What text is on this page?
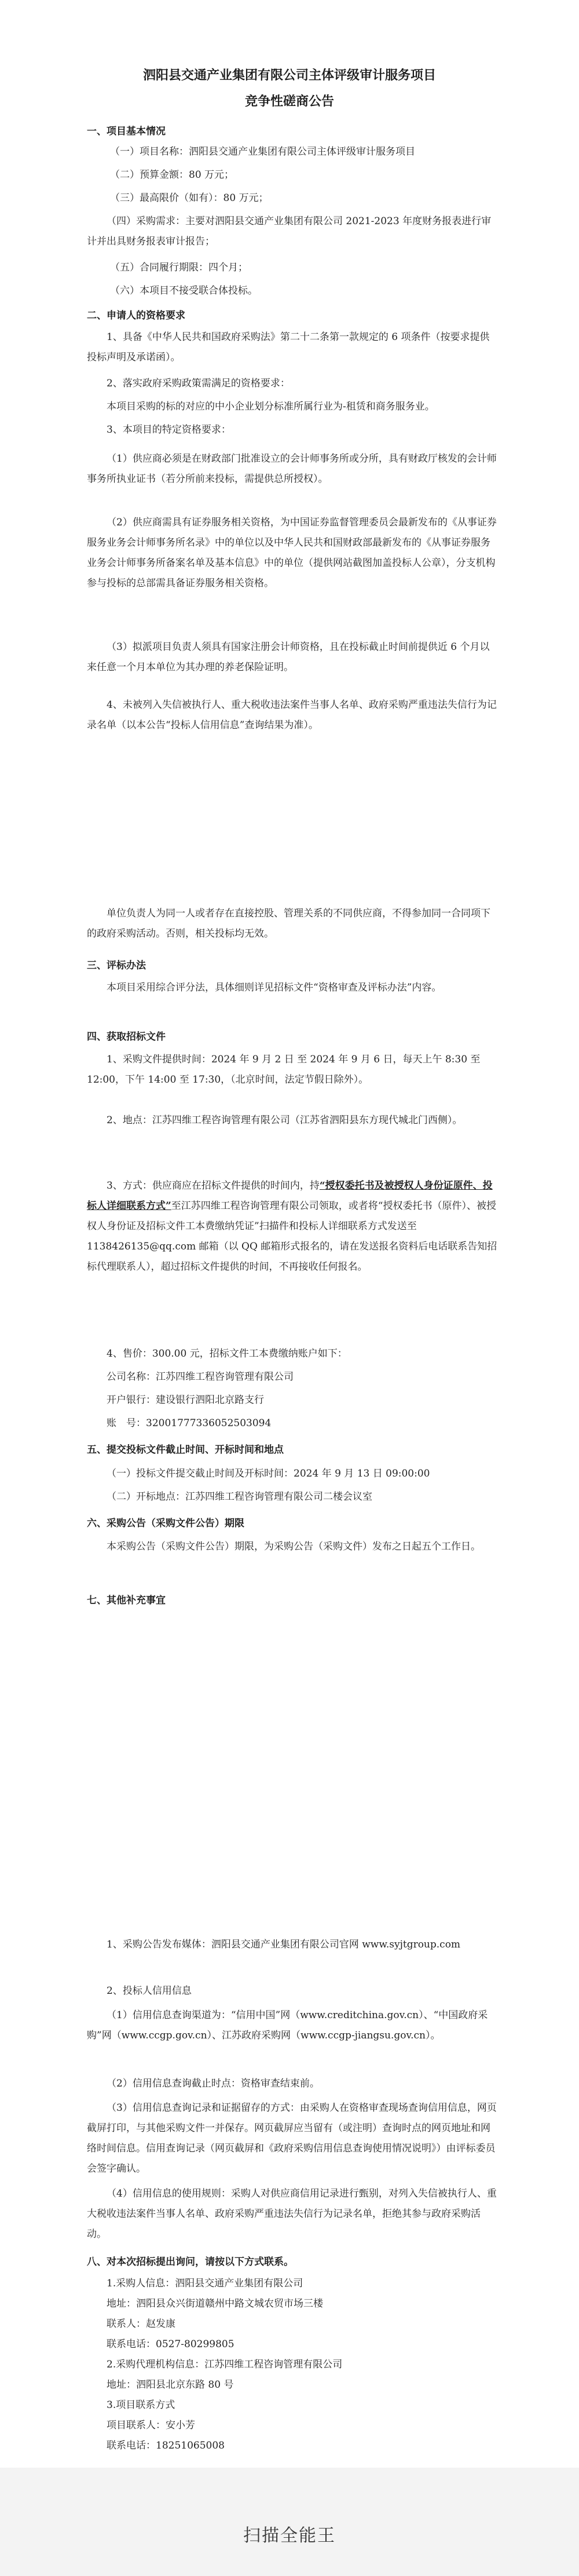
泗阳县交通产业集团有限公司主体评级审计服务项目
竞争性磋商公告
一、项目基本情况
（一）项目名称：泗阳县交通产业集团有限公司主体评级审计服务项目
（二）预算金额：80 万元；
（三）最高限价（如有）：80 万元；
（四）采购需求：主要对泗阳县交通产业集团有限公司 2021-2023 年度财务报表进行审计并出具财务报表审计报告；
（五）合同履行期限：四个月；
（六）本项目不接受联合体投标。
二、申请人的资格要求
1、具备《中华人民共和国政府采购法》第二十二条第一款规定的 6 项条件（按要求提供投标声明及承诺函）。
2、落实政府采购政策需满足的资格要求：
本项目采购的标的对应的中小企业划分标准所属行业为-租赁和商务服务业。
3、本项目的特定资格要求：
（1）供应商必须是在财政部门批准设立的会计师事务所或分所，具有财政厅核发的会计师事务所执业证书（若分所前来投标，需提供总所授权）。
（2）供应商需具有证券服务相关资格，为中国证券监督管理委员会最新发布的《从事证券服务业务会计师事务所名录》中的单位以及中华人民共和国财政部最新发布的《从事证券服务业务会计师事务所备案名单及基本信息》中的单位（提供网站截图加盖投标人公章），分支机构参与投标的总部需具备证券服务相关资格。
（3）拟派项目负责人须具有国家注册会计师资格，且在投标截止时间前提供近 6 个月以来任意一个月本单位为其办理的养老保险证明。
4、未被列入失信被执行人、重大税收违法案件当事人名单、政府采购严重违法失信行为记录名单（以本公告“投标人信用信息”查询结果为准）。
单位负责人为同一人或者存在直接控股、管理关系的不同供应商，不得参加同一合同项下的政府采购活动。否则，相关投标均无效。
三、评标办法
本项目采用综合评分法，具体细则详见招标文件“资格审查及评标办法”内容。
四、获取招标文件
1、采购文件提供时间：2024 年 9 月 2 日 至 2024 年 9 月 6 日，每天上午 8:30 至 12:00，下午 14:00 至 17:30，（北京时间，法定节假日除外）。
2、地点：江苏四维工程咨询管理有限公司（江苏省泗阳县东方现代城北门西侧）。
3、方式：供应商应在招标文件提供的时间内，持“授权委托书及被授权人身份证原件、投标人详细联系方式”至江苏四维工程咨询管理有限公司领取，或者将“授权委托书（原件）、被授权人身份证及招标文件工本费缴纳凭证”扫描件和投标人详细联系方式发送至 1138426135@qq.com 邮箱（以 QQ 邮箱形式报名的，请在发送报名资料后电话联系告知招标代理联系人），超过招标文件提供的时间，不再接收任何报名。
4、售价：300.00 元，招标文件工本费缴纳账户如下：
公司名称：江苏四维工程咨询管理有限公司
开户银行：建设银行泗阳北京路支行
账　号：32001777336052503094
五、提交投标文件截止时间、开标时间和地点
（一）投标文件提交截止时间及开标时间：2024 年 9 月 13 日 09:00:00
（二）开标地点：江苏四维工程咨询管理有限公司二楼会议室
六、采购公告（采购文件公告）期限
本采购公告（采购文件公告）期限，为采购公告（采购文件）发布之日起五个工作日。
七、其他补充事宜
1、采购公告发布媒体：泗阳县交通产业集团有限公司官网 www.syjtgroup.com
2、投标人信用信息
（1）信用信息查询渠道为：“信用中国”网（www.creditchina.gov.cn）、“中国政府采购”网（www.ccgp.gov.cn）、江苏政府采购网（www.ccgp-jiangsu.gov.cn）。
（2）信用信息查询截止时点：资格审查结束前。
（3）信用信息查询记录和证据留存的方式：由采购人在资格审查现场查询信用信息，网页截屏打印，与其他采购文件一并保存。网页截屏应当留有（或注明）查询时点的网页地址和网络时间信息。信用查询记录（网页截屏和《政府采购信用信息查询使用情况说明》）由评标委员会签字确认。
（4）信用信息的使用规则：采购人对供应商信用记录进行甄别，对列入失信被执行人、重大税收违法案件当事人名单、政府采购严重违法失信行为记录名单，拒绝其参与政府采购活动。
八、对本次招标提出询问，请按以下方式联系。
1.采购人信息：泗阳县交通产业集团有限公司
地址：泗阳县众兴街道赣州中路文城农贸市场三楼
联系人：赵发康
联系电话：0527-80299805
2.采购代理机构信息：江苏四维工程咨询管理有限公司
地址：泗阳县北京东路 80 号
3.项目联系方式
项目联系人：安小芳
联系电话：18251065008
扫描全能王
